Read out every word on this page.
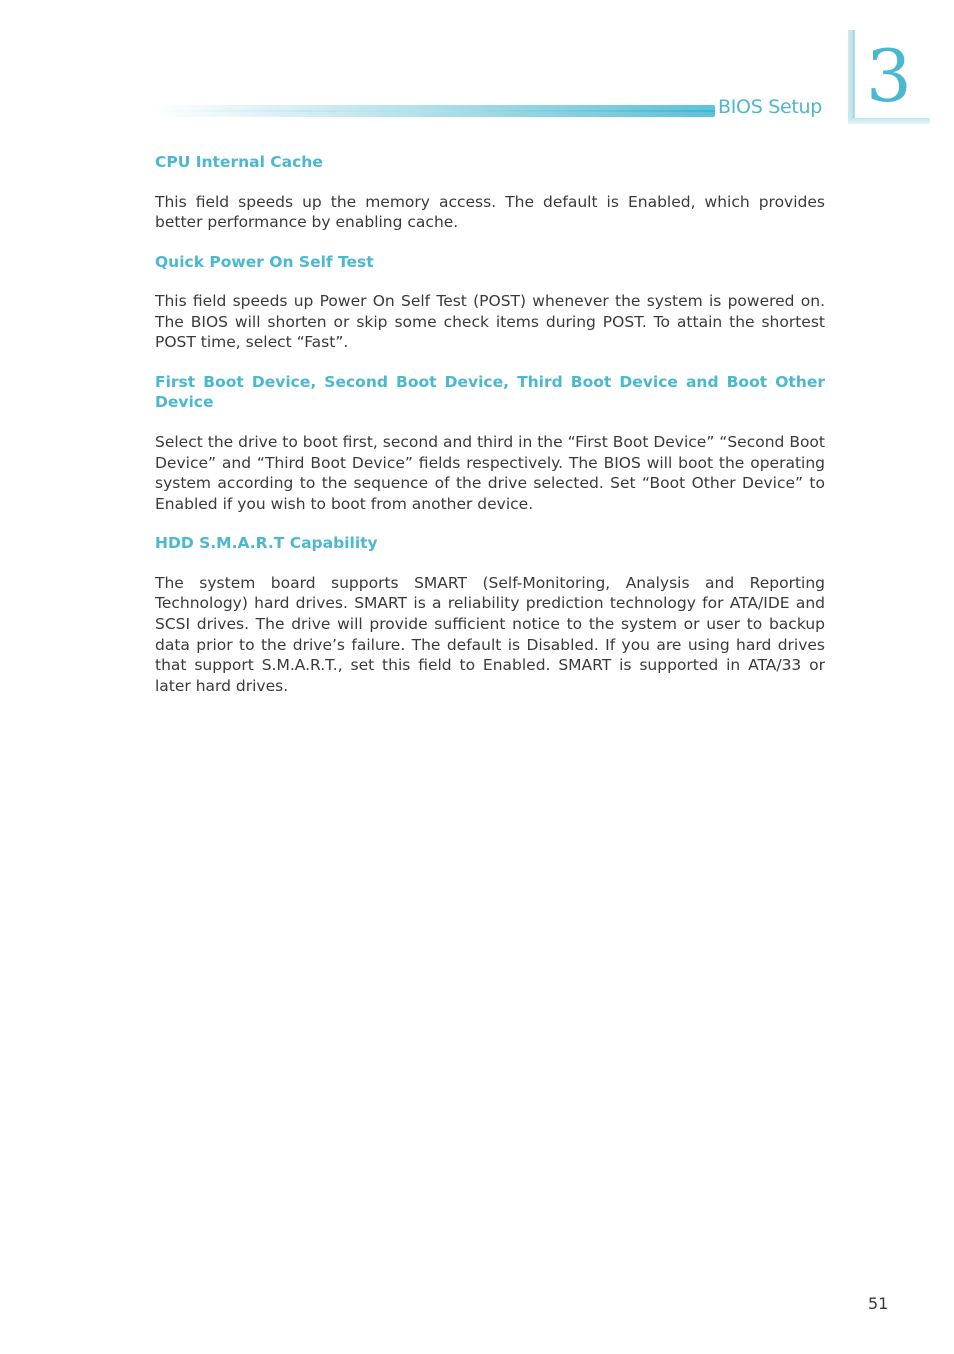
BIOS Setup 3
CPU Internal Cache

This field speeds up the memory access. The default is Enabled, which provides better performance by enabling cache.

Quick Power On Self Test

This field speeds up Power On Self Test (POST) whenever the system is powered on. The BIOS will shorten or skip some check items during POST. To attain the shortest POST time, select “Fast”.

First Boot Device, Second Boot Device, Third Boot Device and Boot Other Device

Select the drive to boot first, second and third in the “First Boot Device” “Second Boot Device” and “Third Boot Device” fields respectively. The BIOS will boot the operating system according to the sequence of the drive selected. Set “Boot Other Device” to Enabled if you wish to boot from another device.

HDD S.M.A.R.T Capability

The system board supports SMART (Self-Monitoring, Analysis and Reporting Technology) hard drives. SMART is a reliability prediction technology for ATA/IDE and SCSI drives. The drive will provide sufficient notice to the system or user to backup data prior to the drive’s failure. The default is Disabled. If you are using hard drives that support S.M.A.R.T., set this field to Enabled. SMART is supported in ATA/33 or later hard drives.

51
